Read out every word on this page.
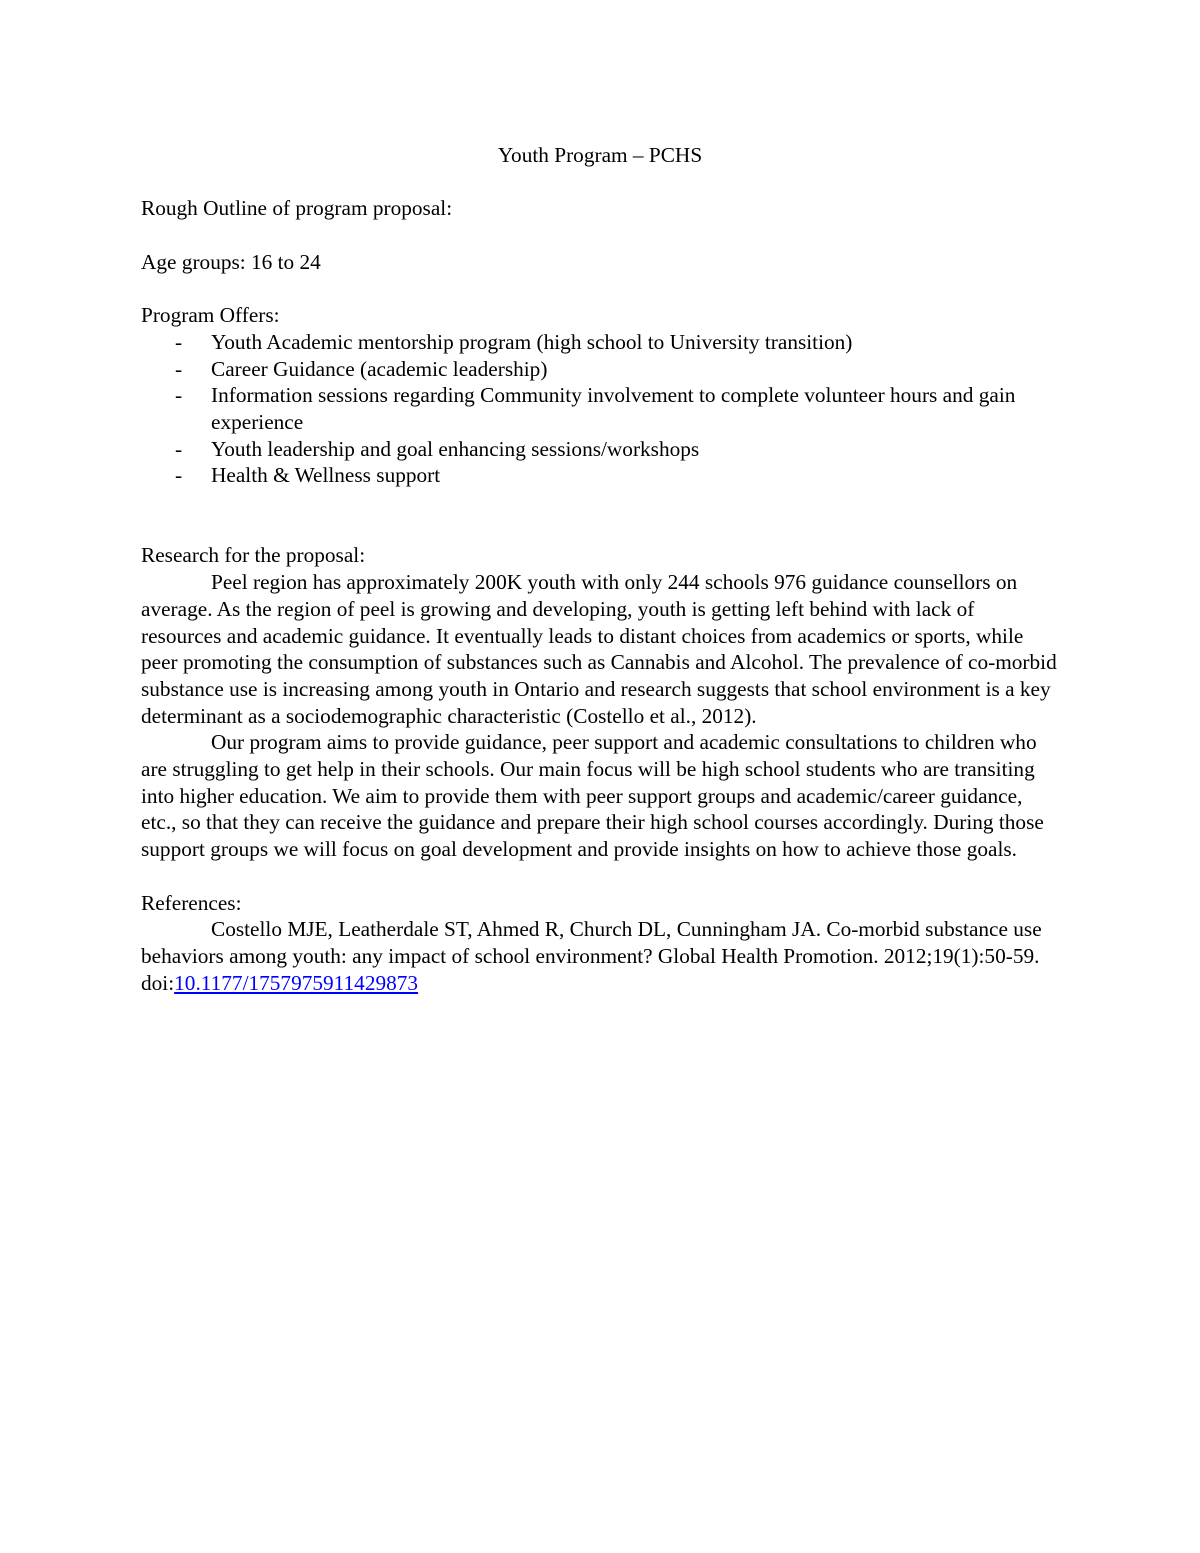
Youth Program – PCHS

Rough Outline of program proposal:

Age groups: 16 to 24

Program Offers:

- Youth Academic mentorship program (high school to University transition)
- Career Guidance (academic leadership)
- Information sessions regarding Community involvement to complete volunteer hours and gain experience
- Youth leadership and goal enhancing sessions/workshops
- Health & Wellness support

Research for the proposal:

Peel region has approximately 200K youth with only 244 schools 976 guidance counsellors on average. As the region of peel is growing and developing, youth is getting left behind with lack of resources and academic guidance. It eventually leads to distant choices from academics or sports, while peer promoting the consumption of substances such as Cannabis and Alcohol. The prevalence of co-morbid substance use is increasing among youth in Ontario and research suggests that school environment is a key determinant as a sociodemographic characteristic (Costello et al., 2012).

Our program aims to provide guidance, peer support and academic consultations to children who are struggling to get help in their schools. Our main focus will be high school students who are transiting into higher education. We aim to provide them with peer support groups and academic/career guidance, etc., so that they can receive the guidance and prepare their high school courses accordingly. During those support groups we will focus on goal development and provide insights on how to achieve those goals.

References:

Costello MJE, Leatherdale ST, Ahmed R, Church DL, Cunningham JA. Co-morbid substance use behaviors among youth: any impact of school environment? Global Health Promotion. 2012;19(1):50-59. doi:10.1177/1757975911429873
